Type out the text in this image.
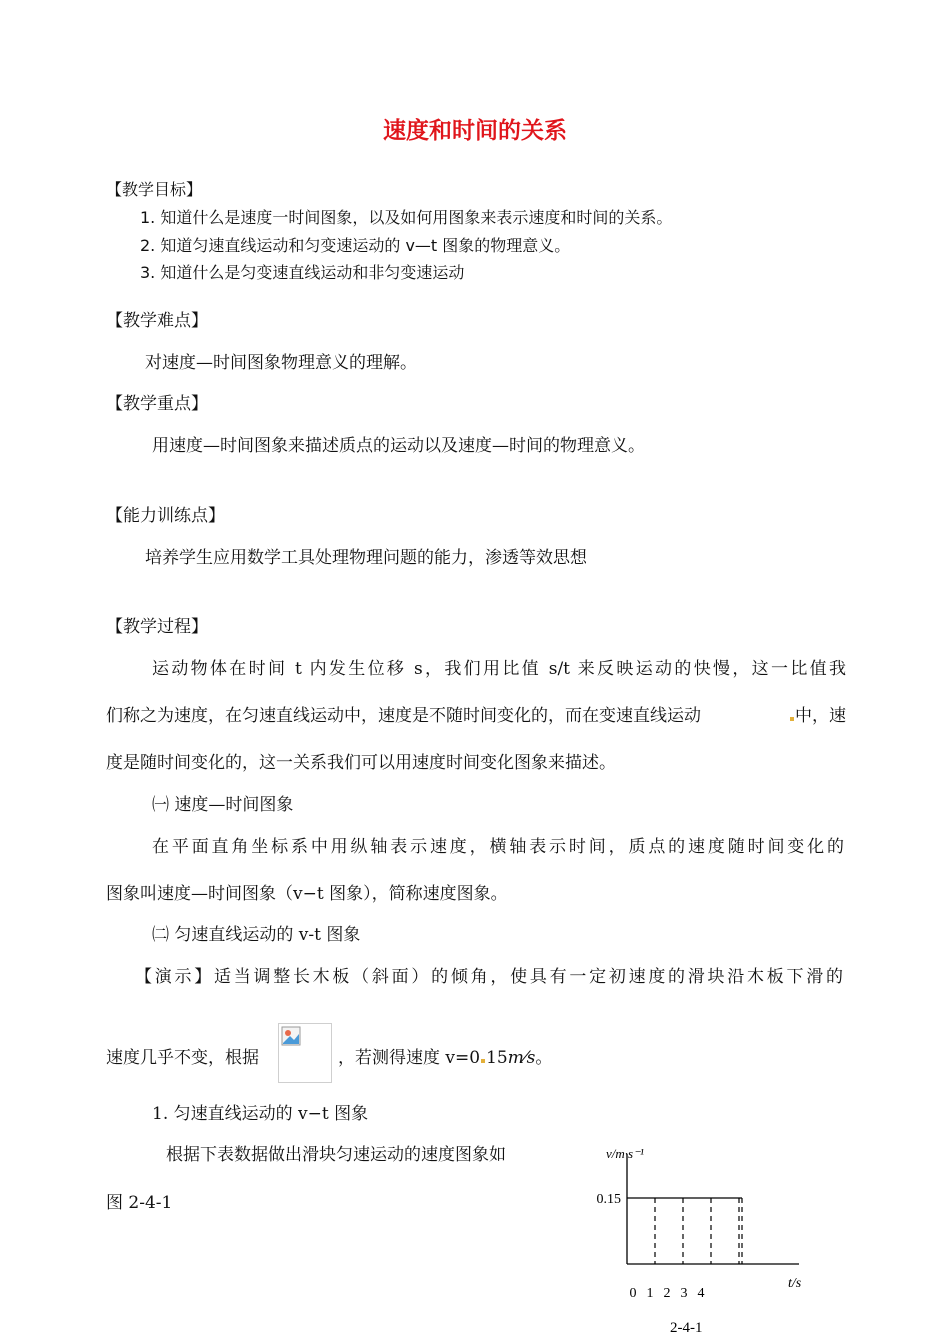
速度和时间的关系
【教学目标】
1. 知道什么是速度一时间图象，以及如何用图象来表示速度和时间的关系。
2. 知道匀速直线运动和匀变速运动的 v—t 图象的物理意义。
3. 知道什么是匀变速直线运动和非匀变速运动
【教学难点】
对速度—时间图象物理意义的理解。
【教学重点】
用速度—时间图象来描述质点的运动以及速度—时间的物理意义。
【能力训练点】
培养学生应用数学工具处理物理问题的能力，渗透等效思想
【教学过程】
运动物体在时间 t 内发生位移 s，我们用比值 s/t 来反映运动的快慢，这一比值我
们称之为速度，在匀速直线运动中，速度是不随时间变化的，而在变速直线运动	中，速
度是随时间变化的，这一关系我们可以用速度时间变化图象来描述。
㈠ 速度—时间图象
在平面直角坐标系中用纵轴表示速度，横轴表示时间，质点的速度随时间变化的
图象叫速度—时间图象（v−t 图象），简称速度图象。
㈡ 匀速直线运动的 v-t 图象
【演示】适当调整长木板（斜面）的倾角，使具有一定初速度的滑块沿木板下滑的
速度几乎不变，根据	，若测得速度 v=0 15m⁄s。
1. 匀速直线运动的 v−t 图象
根据下表数据做出滑块匀速运动的速度图象如
图 2-4-1	0.15
0 1 2 3 4
v/m·s⁻¹
t/s
2-4-1
